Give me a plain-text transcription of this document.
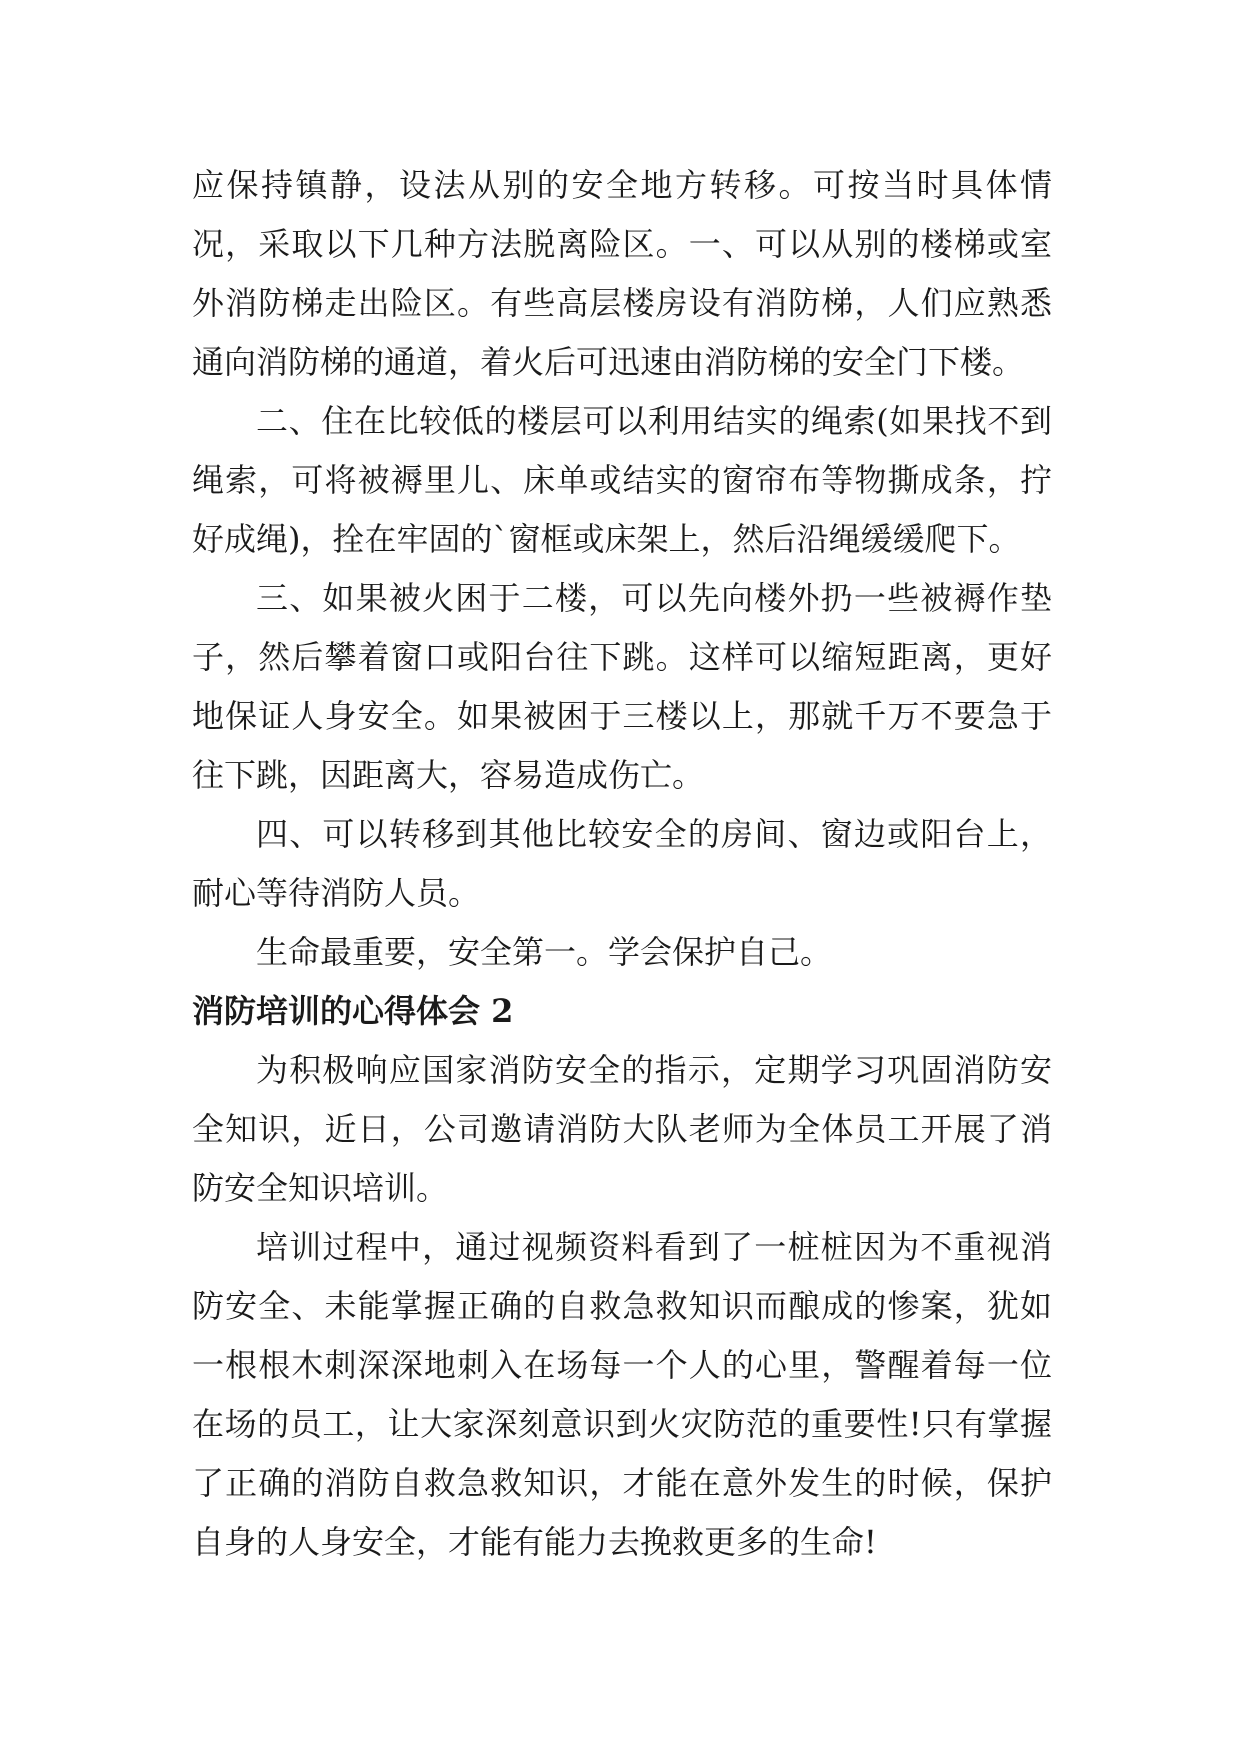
应保持镇静，设法从别的安全地方转移。可按当时具体情况，采取以下几种方法脱离险区。一、可以从别的楼梯或室外消防梯走出险区。有些高层楼房设有消防梯，人们应熟悉通向消防梯的通道，着火后可迅速由消防梯的安全门下楼。

二、住在比较低的楼层可以利用结实的绳索(如果找不到绳索，可将被褥里儿、床单或结实的窗帘布等物撕成条，拧好成绳)，拴在牢固的`窗框或床架上，然后沿绳缓缓爬下。

三、如果被火困于二楼，可以先向楼外扔一些被褥作垫子，然后攀着窗口或阳台往下跳。这样可以缩短距离，更好地保证人身安全。如果被困于三楼以上，那就千万不要急于往下跳，因距离大，容易造成伤亡。

四、可以转移到其他比较安全的房间、窗边或阳台上，耐心等待消防人员。

生命最重要，安全第一。学会保护自己。

消防培训的心得体会 2

为积极响应国家消防安全的指示，定期学习巩固消防安全知识，近日，公司邀请消防大队老师为全体员工开展了消防安全知识培训。

培训过程中，通过视频资料看到了一桩桩因为不重视消防安全、未能掌握正确的自救急救知识而酿成的惨案，犹如一根根木刺深深地刺入在场每一个人的心里，警醒着每一位在场的员工，让大家深刻意识到火灾防范的重要性!只有掌握了正确的消防自救急救知识，才能在意外发生的时候，保护自身的人身安全，才能有能力去挽救更多的生命!
